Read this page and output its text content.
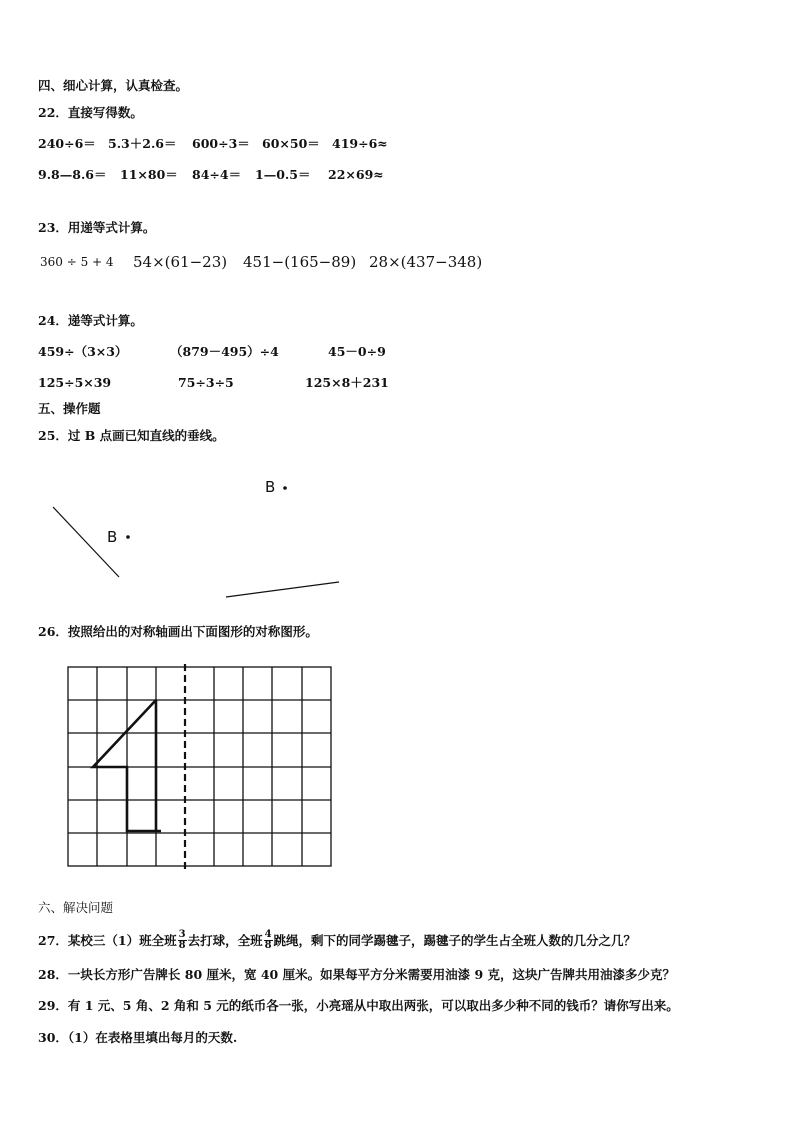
四、细心计算，认真检查。
22．直接写得数。
240÷6＝ 5.3＋2.6＝ 600÷3＝ 60×50＝ 419÷6≈
9.8—8.6＝ 11×80＝ 84÷4＝ 1—0.5＝ 22×69≈
23．用递等式计算。
360 ÷ 5 + 4 54×(61−23) 451−(165−89) 28×(437−348)
24．递等式计算。
459÷（3×3）	（879－495）÷4	45－0÷9
125÷5×39	75÷3÷5	125×8＋231
五、操作题
25．过 B 点画已知直线的垂线。
B
B
26．按照给出的对称轴画出下面图形的对称图形。
六、解决问题
27．某校三（1）班全班 $\frac{3}{8}$ 去打球，全班 $\frac{4}{8}$ 跳绳，剩下的同学踢毽子，踢毽子的学生占全班人数的几分之几？
28．一块长方形广告牌长 80 厘米，宽 40 厘米。如果每平方分米需要用油漆 9 克，这块广告牌共用油漆多少克？
29．有 1 元、5 角、2 角和 5 元的纸币各一张，小亮瑶从中取出两张，可以取出多少种不同的钱币？请你写出来。
30．（1）在表格里填出每月的天数.
